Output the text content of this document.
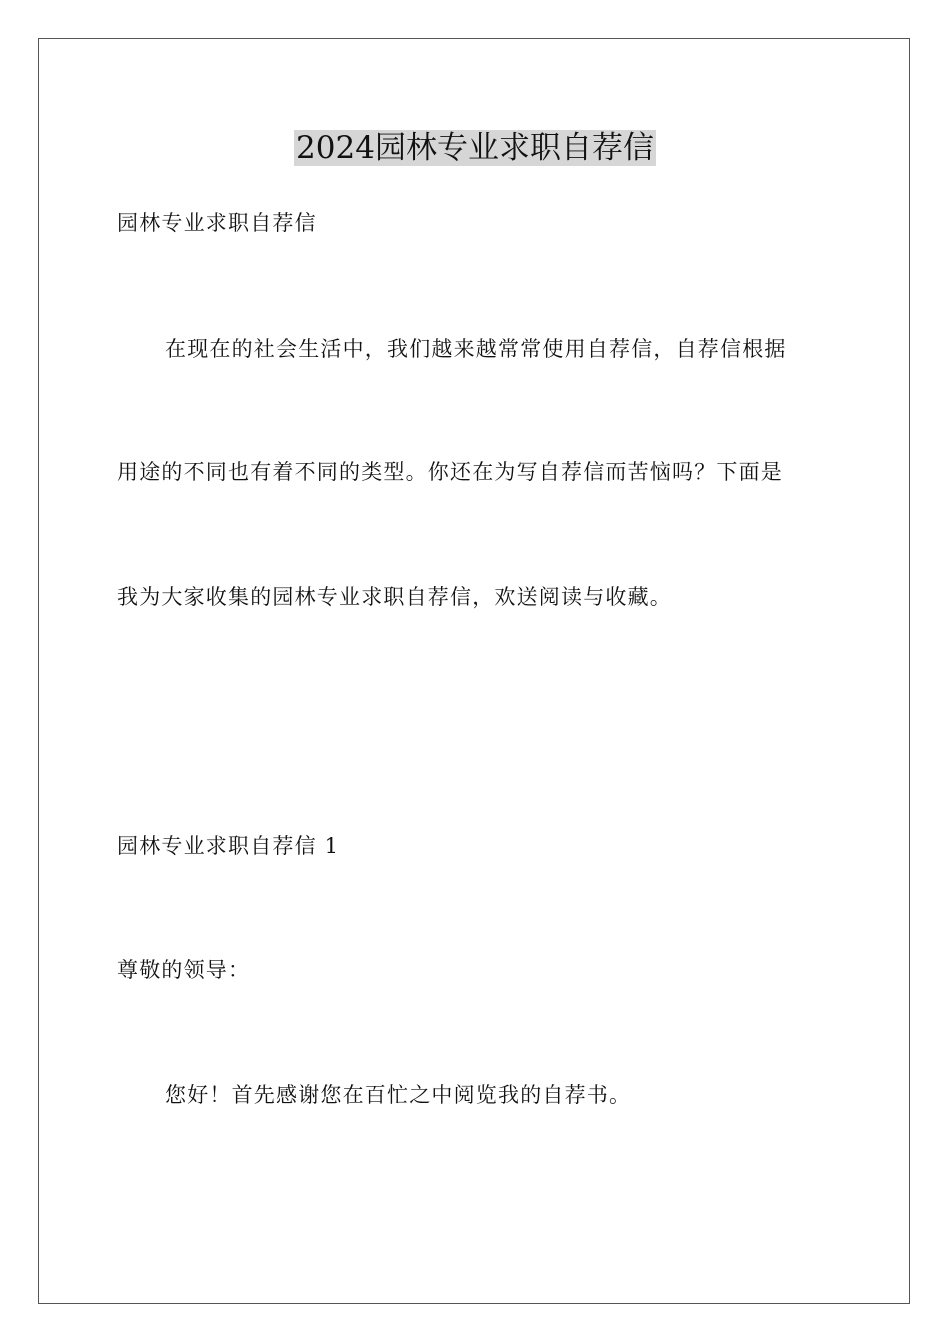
2024园林专业求职自荐信

园林专业求职自荐信

在现在的社会生活中，我们越来越常常使用自荐信，自荐信根据

用途的不同也有着不同的类型。你还在为写自荐信而苦恼吗？下面是

我为大家收集的园林专业求职自荐信，欢送阅读与收藏。

园林专业求职自荐信 1

尊敬的领导：

您好！首先感谢您在百忙之中阅览我的自荐书。
